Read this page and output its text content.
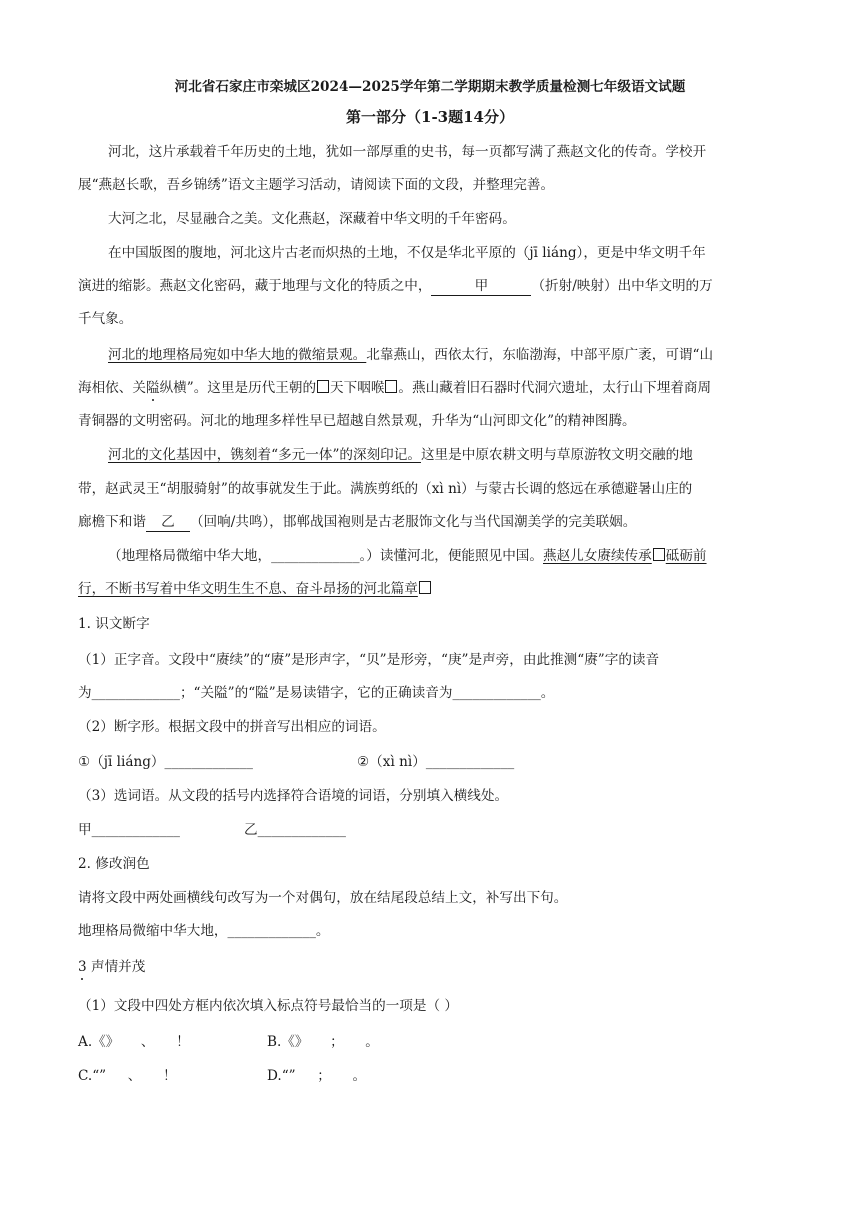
河北省石家庄市栾城区2024—2025学年第二学期期末教学质量检测七年级语文试题
第一部分（1-3题14分）
河北，这片承载着千年历史的土地，犹如一部厚重的史书，每一页都写满了燕赵文化的传奇。学校开
展“燕赵长歌，吾乡锦绣”语文主题学习活动，请阅读下面的文段，并整理完善。
大河之北，尽显融合之美。文化燕赵，深藏着中华文明的千年密码。
在中国版图的腹地，河北这片古老而炽热的土地，不仅是华北平原的（jī liáng），更是中华文明千年
演进的缩影。燕赵文化密码，藏于地理与文化的特质之中，	甲	（折射/映射）出中华文明的万
千气象。
河北的地理格局宛如中华大地的微缩景观。北靠燕山，西依太行，东临渤海，中部平原广袤，可谓“山
海相依、关隘纵横”。这里是历代王朝的 天下咽喉 。燕山藏着旧石器时代洞穴遗址，太行山下埋着商周
青铜器的文明密码。河北的地理多样性早已超越自然景观，升华为“山河即文化”的精神图腾。
河北的文化基因中，镌刻着“多元一体”的深刻印记。这里是中原农耕文明与草原游牧文明交融的地
带，赵武灵王“胡服骑射”的故事就发生于此。满族剪纸的（xì nì）与蒙古长调的悠远在承德避暑山庄的
廊檐下和谐 乙 （回响/共鸣），邯郸战国袍则是古老服饰文化与当代国潮美学的完美联姻。
（地理格局微缩中华大地，_____________。）读懂河北，便能照见中国。燕赵儿女赓续传承 砥砺前
行，不断书写着中华文明生生不息、奋斗昂扬的河北篇章
1. 识文断字
（1）正字音。文段中“赓续”的“赓”是形声字，“贝”是形旁，“庚”是声旁，由此推测“赓”字的读音
为_____________；“关隘”的“隘”是易读错字，它的正确读音为_____________。
（2）断字形。根据文段中的拼音写出相应的词语。
①（jī liáng）_____________	②（xì nì）_____________
（3）选词语。从文段的括号内选择符合语境的词语，分别填入横线处。
甲_____________	乙_____________
2. 修改润色
请将文段中两处画横线句改写为一个对偶句，放在结尾段总结上文，补写出下句。
地理格局微缩中华大地，_____________。
3 声情并茂
（1）文段中四处方框内依次填入标点符号最恰当的一项是（ ）
A.《》     、     ！	B.《》     ；     。
C.“”     、     ！	D.“”     ；     。
